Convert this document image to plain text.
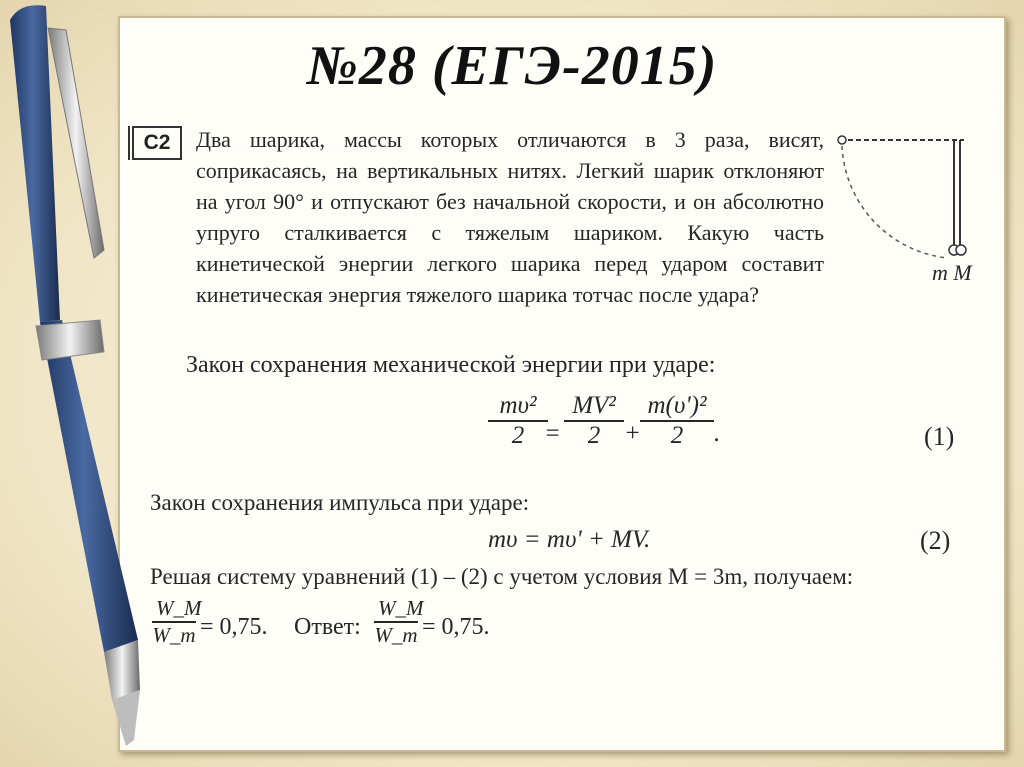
№28 (ЕГЭ-2015)
C2	Два шарика, массы которых отличаются в 3 раза, висят, соприкасаясь, на вертикальных нитях. Легкий шарик отклоняют на угол 90° и отпускают без начальной скорости, и он абсолютно упруго сталкивается с тяжелым шариком. Какую часть кинетической энергии легкого шарика перед ударом составит кинетическая энергия тяжелого шарика тотчас после удара?

m M
Закон сохранения механической энергии при ударе:
mυ²
2 =
MV²
2 +
m(υ')²
2	.	(1)
Закон сохранения импульса при ударе:
mυ = mυ' + MV.	(2)
Решая систему уравнений (1) – (2) с учетом условия M = 3m, получаем:
W_M
W_m = 0,75. Ответ:
W_M
W_m = 0,75.
